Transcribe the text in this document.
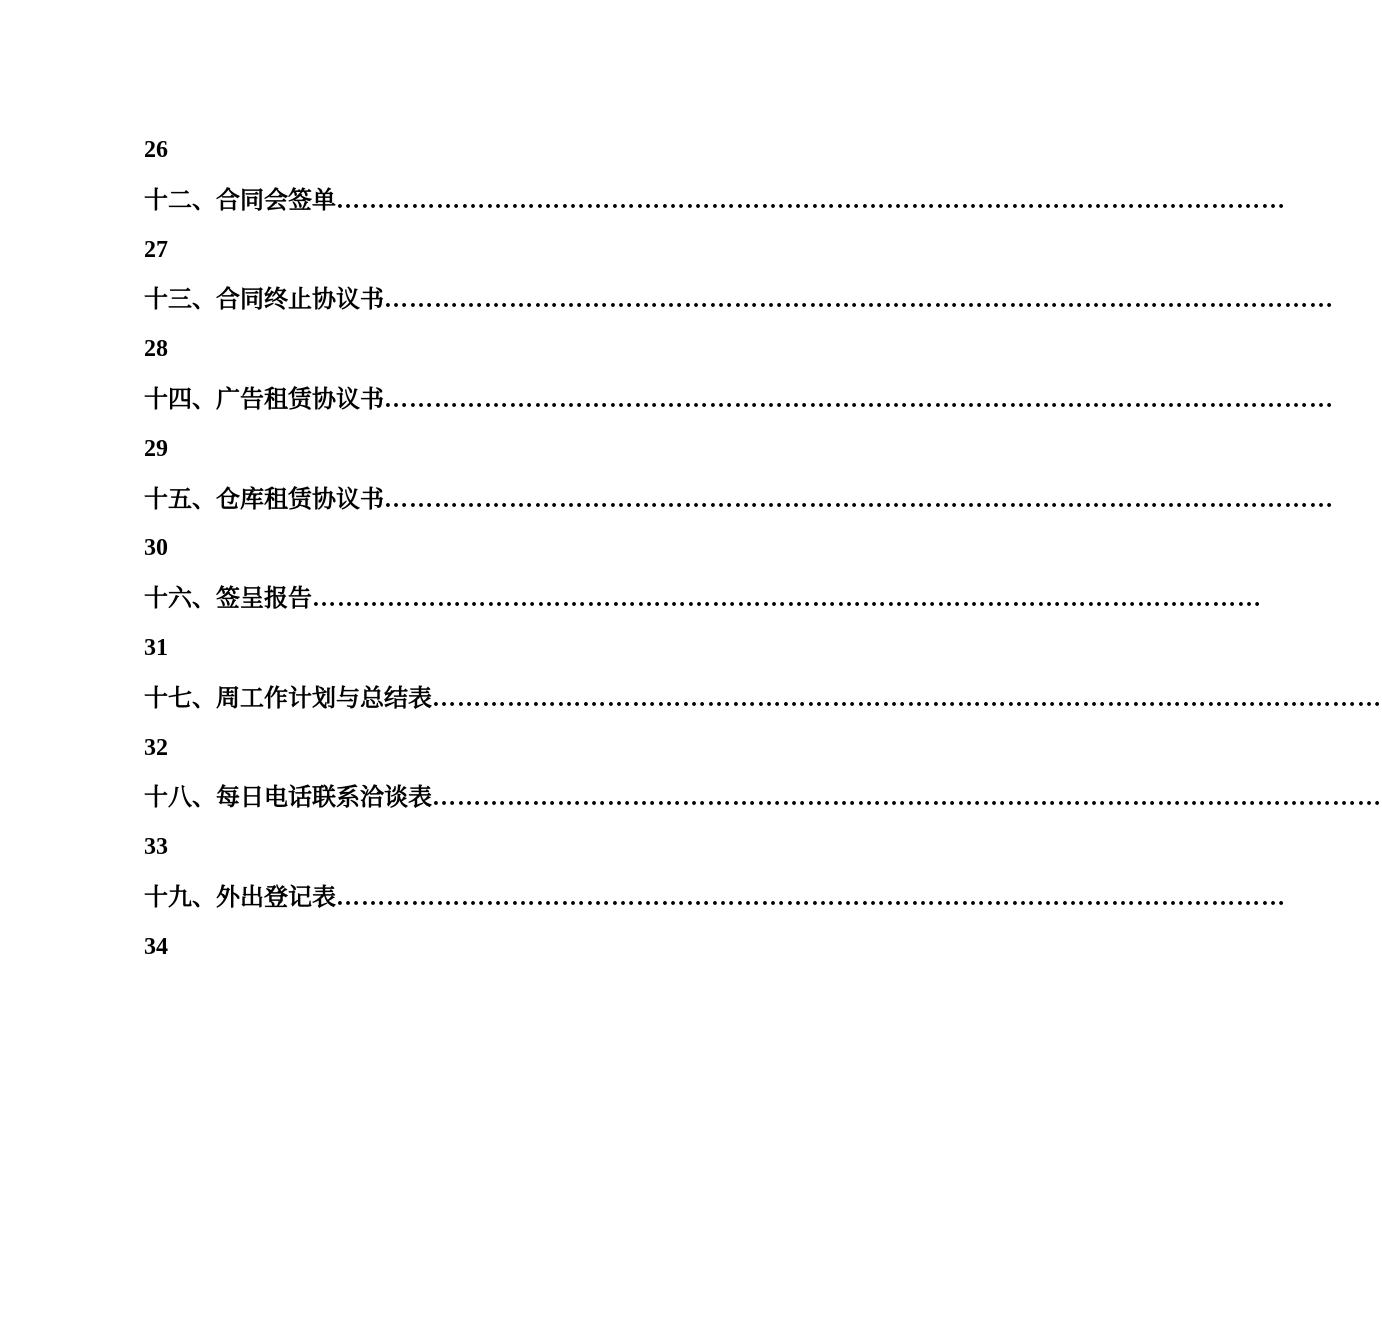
26
十二、合同会签单 ……………………………………………………………………………………………………
27
十三、合同终止协议书 ……………………………………………………………………………………………………
28
十四、广告租赁协议书 ……………………………………………………………………………………………………
29
十五、仓库租赁协议书 ……………………………………………………………………………………………………
30
十六、签呈报告 ……………………………………………………………………………………………………
31
十七、周工作计划与总结表 ……………………………………………………………………………………………………
32
十八、每日电话联系洽谈表 ……………………………………………………………………………………………………
33
十九、外出登记表 ……………………………………………………………………………………………………
34
